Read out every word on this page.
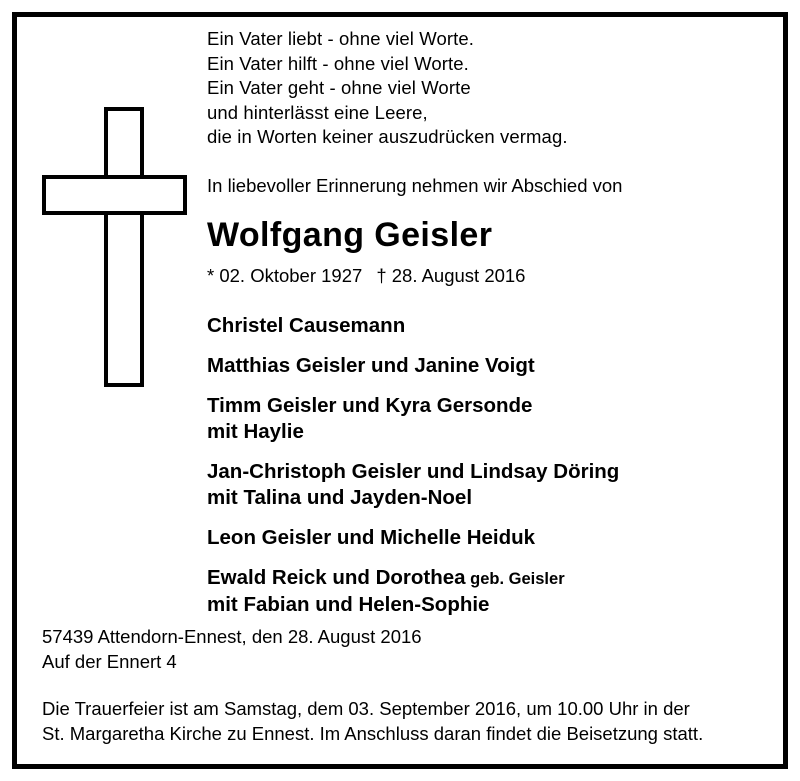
Ein Vater liebt - ohne viel Worte.
Ein Vater hilft - ohne viel Worte.
Ein Vater geht - ohne viel Worte
und hinterlässt eine Leere,
die in Worten keiner auszudrücken vermag.
In liebevoller Erinnerung nehmen wir Abschied von
Wolfgang Geisler
* 02. Oktober 1927 † 28. August 2016
Christel Causemann
Matthias Geisler und Janine Voigt
Timm Geisler und Kyra Gersonde
mit Haylie
Jan-Christoph Geisler und Lindsay Döring
mit Talina und Jayden-Noel
Leon Geisler und Michelle Heiduk
Ewald Reick und Dorothea geb. Geisler
mit Fabian und Helen-Sophie
57439 Attendorn-Ennest, den 28. August 2016
Auf der Ennert 4
Die Trauerfeier ist am Samstag, dem 03. September 2016, um 10.00 Uhr in der
St. Margaretha Kirche zu Ennest. Im Anschluss daran findet die Beisetzung statt.
